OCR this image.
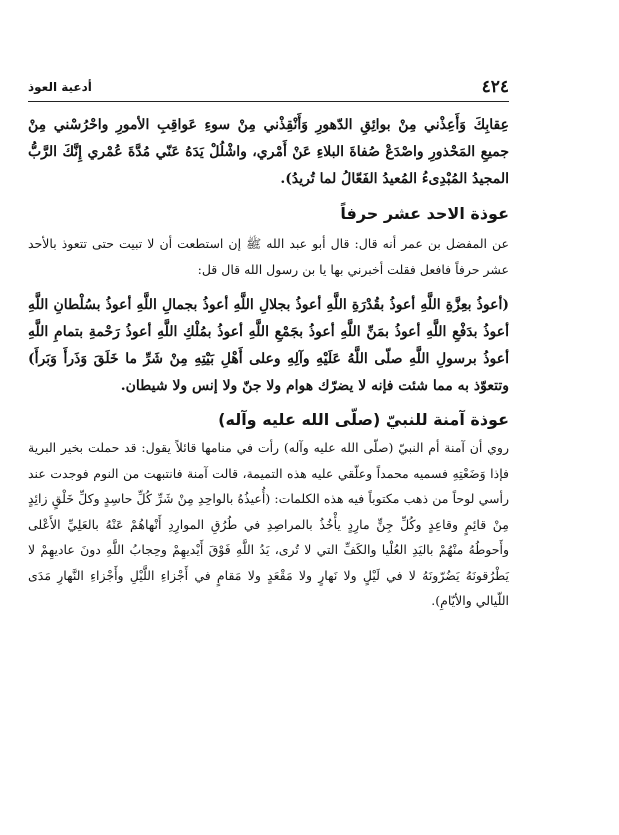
٤٢٤
أدعية العوذ

عِقابِكَ وَأَعِذْني مِنْ بوائِقِ الدّهورِ وَأَنْقِذْني مِنْ سوءِ عَواقِبِ الأمورِ واحْرُسْني مِنْ جميعِ المَحْذورِ واصْدَعْ صُفاةَ البلاءِ عَنْ أَمْري، واشْلُلْ يَدَهُ عَنّي مُدَّةَ عُمْري إِنَّكَ الرَّبُّ المجيدُ المُبْدِىءُ المُعيدُ الفَعّالُ لما تُريدُ).

عوذة الاحد عشر حرفاً

عن المفضل بن عمر أنه قال: قال أبو عبد الله ﷺ إن استطعت أن لا تبيت حتى تتعوذ بالأحد عشر حرفاً فافعل فقلت أخبرني بها يا بن رسول الله قال قل:

(أعوذُ بعِزَّةِ اللَّهِ أعوذُ بقُدْرَةِ اللَّهِ أعوذُ بجلالِ اللَّهِ أعوذُ بجمالِ اللَّهِ أعوذُ بسُلْطانِ اللَّهِ أعوذُ بدَفْعِ اللَّهِ أعوذُ بمَنِّ اللَّهِ أعوذُ بجَمْعِ اللَّهِ أعوذُ بمُلْكِ اللَّهِ أعوذُ رَحْمةِ بتمامِ اللَّهِ أعوذُ برسولِ اللَّهِ صلّى اللَّهُ عَلَيْهِ وآلِهِ وعلى أَهْلِ بَيْتِهِ مِنْ شَرِّ ما خَلَقَ وَذَرأَ وَبَرأَ) وتتعوّذ به مما شئت فإنه لا يضرّك هوام ولا جنّ ولا إنس ولا شيطان.

عوذة آمنة للنبيّ (صلّى الله عليه وآله)

روي أن آمنة أم النبيّ (صلّى الله عليه وآله) رأت في منامها قائلاً يقول: قد حملت بخير البرية فإذا وَضَعْتِهِ فسميه محمداً وعلّقي عليه هذه التميمة، قالت آمنة فانتبهت من النوم فوجدت عند رأسي لوحاً من ذهب مكتوباً فيه هذه الكلمات: (أُعيذُهُ بالواحِدِ مِنْ شَرِّ كُلِّ حاسِدٍ وكلِّ خَلْقٍ زائِدٍ مِنْ قائِمٍ وقاعِدٍ وكُلِّ جِنٍّ مارِدٍ يأْخُذُ بالمراصِدِ في طُرُقِ الموارِدِ أَنْهاهُمْ عَنْهُ بالعَلِيِّ الأَعْلى وأَحوطُهُ منْهُمْ باليَدِ العُلْيا والكَفِّ التي لا تُرى، يَدُ اللَّهِ فَوْقَ أَيْديهِمْ وحِجابُ اللَّهِ دونَ عاديهِمْ لا يَطْرُقونَهُ يَضُرّونَهُ لا في لَيْلٍ ولا نَهارٍ ولا مَقْعَدٍ ولا مَقامٍ في أَجْزاءِ اللَّيْلِ وأَجْزاءِ النَّهارِ مَدَى اللّيالي والأيّامِ).
